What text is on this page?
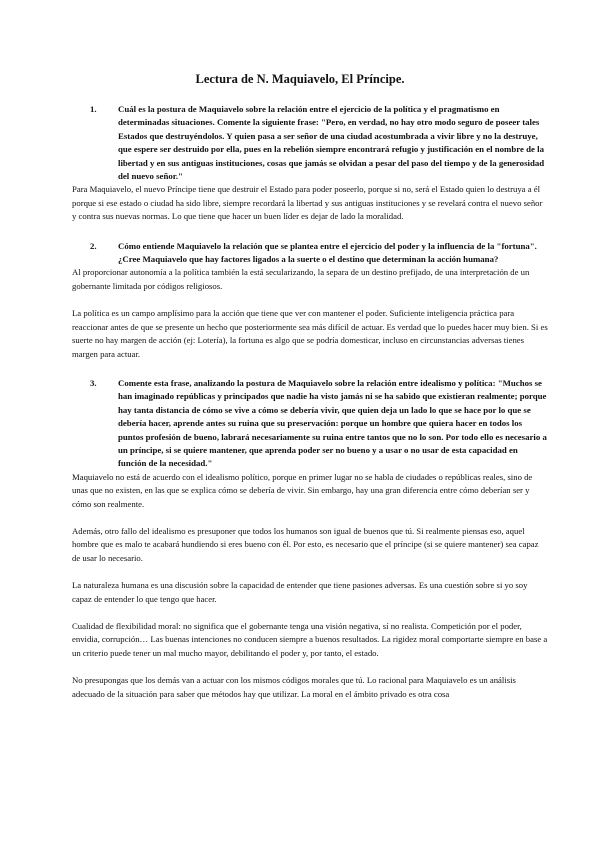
Lectura de N. Maquiavelo, El Príncipe.
1.	Cuál es la postura de Maquiavelo sobre la relación entre el ejercicio de la política y el pragmatismo en determinadas situaciones. Comente la siguiente frase: "Pero, en verdad, no hay otro modo seguro de poseer tales Estados que destruyéndolos. Y quien pasa a ser señor de una ciudad acostumbrada a vivir libre y no la destruye, que espere ser destruido por ella, pues en la rebelión siempre encontrará refugio y justificación en el nombre de la libertad y en sus antiguas instituciones, cosas que jamás se olvidan a pesar del paso del tiempo y de la generosidad del nuevo señor."

Para Maquiavelo, el nuevo Príncipe tiene que destruir el Estado para poder poseerlo, porque si no, será el Estado quien lo destruya a él porque si ese estado o ciudad ha sido libre, siempre recordará la libertad y sus antiguas instituciones y se revelará contra el nuevo señor y contra sus nuevas normas. Lo que tiene que hacer un buen líder es dejar de lado la moralidad.

2.	Cómo entiende Maquiavelo la relación que se plantea entre el ejercicio del poder y la influencia de la "fortuna". ¿Cree Maquiavelo que hay factores ligados a la suerte o el destino que determinan la acción humana?

Al proporcionar autonomía a la política también la está secularizando, la separa de un destino prefijado, de una interpretación de un gobernante limitada por códigos religiosos.

La política es un campo amplísimo para la acción que tiene que ver con mantener el poder. Suficiente inteligencia práctica para reaccionar antes de que se presente un hecho que posteriormente sea más difícil de actuar. Es verdad que lo puedes hacer muy bien. Si es suerte no hay margen de acción (ej: Lotería), la fortuna es algo que se podría domesticar, incluso en circunstancias adversas tienes margen para actuar.

3.	Comente esta frase, analizando la postura de Maquiavelo sobre la relación entre idealismo y política: "Muchos se han imaginado repúblicas y principados que nadie ha visto jamás ni se ha sabido que existieran realmente; porque hay tanta distancia de cómo se vive a cómo se debería vivir, que quien deja un lado lo que se hace por lo que se debería hacer, aprende antes su ruina que su preservación: porque un hombre que quiera hacer en todos los puntos profesión de bueno, labrará necesariamente su ruina entre tantos que no lo son. Por todo ello es necesario a un príncipe, si se quiere mantener, que aprenda poder ser no bueno y a usar o no usar de esta capacidad en función de la necesidad."

Maquiavelo no está de acuerdo con el idealismo político, porque en primer lugar no se habla de ciudades o repúblicas reales, sino de unas que no existen, en las que se explica cómo se debería de vivir. Sin embargo, hay una gran diferencia entre cómo deberían ser y cómo son realmente.

Además, otro fallo del idealismo es presuponer que todos los humanos son igual de buenos que tú. Si realmente piensas eso, aquel hombre que es malo te acabará hundiendo si eres bueno con él. Por esto, es necesario que el príncipe (si se quiere mantener) sea capaz de usar lo necesario.

La naturaleza humana es una discusión sobre la capacidad de entender que tiene pasiones adversas. Es una cuestión sobre si yo soy capaz de entender lo que tengo que hacer.

Cualidad de flexibilidad moral: no significa que el gobernante tenga una visión negativa, sí no realista. Competición por el poder, envidia, corrupción… Las buenas intenciones no conducen siempre a buenos resultados. La rigidez moral comportarte siempre en base a un criterio puede tener un mal mucho mayor, debilitando el poder y, por tanto, el estado.

No presupongas que los demás van a actuar con los mismos códigos morales que tú. Lo racional para Maquiavelo es un análisis adecuado de la situación para saber que métodos hay que utilizar. La moral en el ámbito privado es otra cosa
